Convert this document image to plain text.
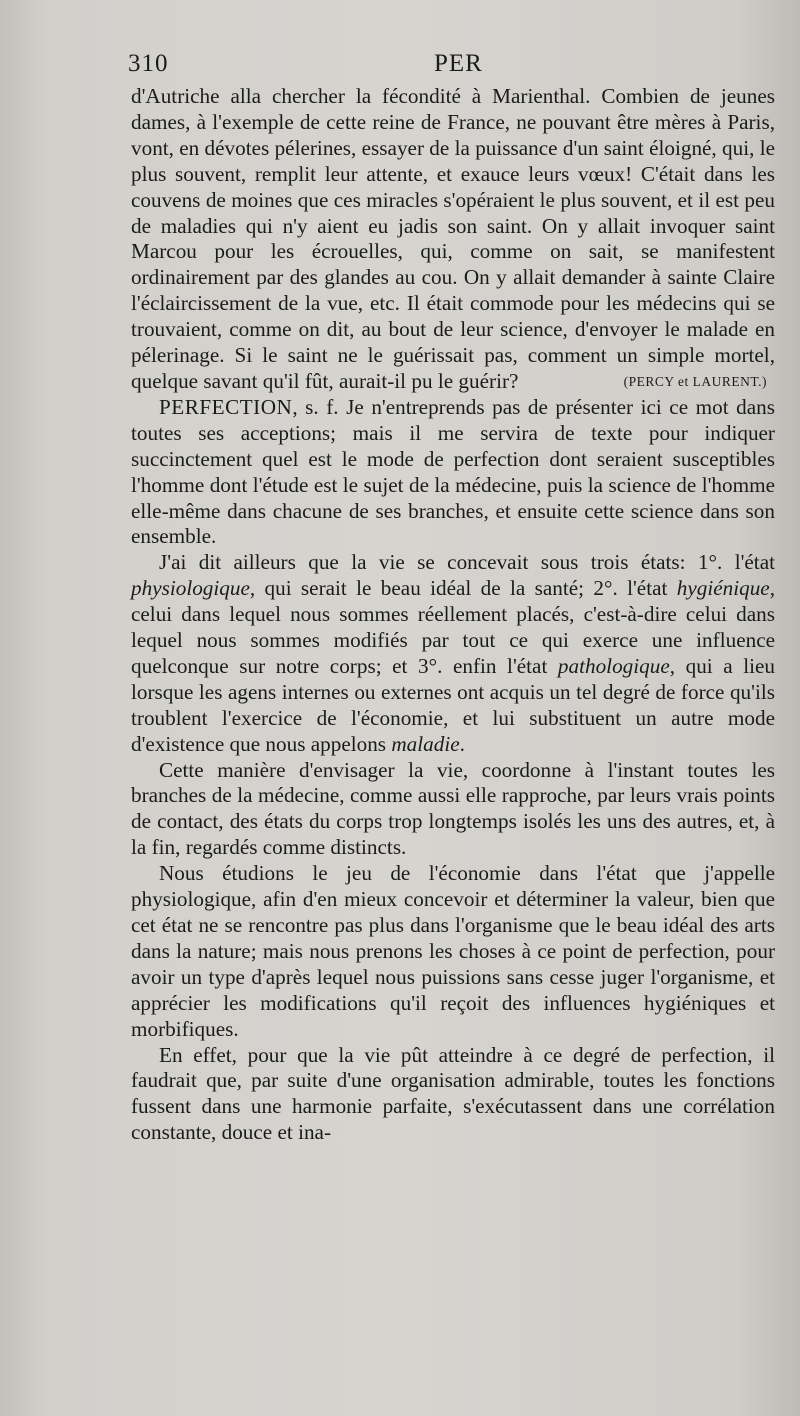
310	PER

d'Autriche alla chercher la fécondité à Marienthal. Combien de jeunes dames, à l'exemple de cette reine de France, ne pouvant être mères à Paris, vont, en dévotes pélerines, essayer de la puissance d'un saint éloigné, qui, le plus souvent, remplit leur attente, et exauce leurs vœux! C'était dans les couvens de moines que ces miracles s'opéraient le plus souvent, et il est peu de maladies qui n'y aient eu jadis son saint. On y allait invoquer saint Marcou pour les écrouelles, qui, comme on sait, se manifestent ordinairement par des glandes au cou. On y allait demander à sainte Claire l'éclaircissement de la vue, etc. Il était commode pour les médecins qui se trouvaient, comme on dit, au bout de leur science, d'envoyer le malade en pélerinage. Si le saint ne le guérissait pas, comment un simple mortel, quelque savant qu'il fût, aurait-il pu le guérir?	(PERCY et LAURENT.)

PERFECTION, s. f. Je n'entreprends pas de présenter ici ce mot dans toutes ses acceptions; mais il me servira de texte pour indiquer succinctement quel est le mode de perfection dont seraient susceptibles l'homme dont l'étude est le sujet de la médecine, puis la science de l'homme elle-même dans chacune de ses branches, et ensuite cette science dans son ensemble.

J'ai dit ailleurs que la vie se concevait sous trois états: 1°. l'état physiologique, qui serait le beau idéal de la santé; 2°. l'état hygiénique, celui dans lequel nous sommes réellement placés, c'est-à-dire celui dans lequel nous sommes modifiés par tout ce qui exerce une influence quelconque sur notre corps; et 3°. enfin l'état pathologique, qui a lieu lorsque les agens internes ou externes ont acquis un tel degré de force qu'ils troublent l'exercice de l'économie, et lui substituent un autre mode d'existence que nous appelons maladie.

Cette manière d'envisager la vie, coordonne à l'instant toutes les branches de la médecine, comme aussi elle rapproche, par leurs vrais points de contact, des états du corps trop longtemps isolés les uns des autres, et, à la fin, regardés comme distincts.

Nous étudions le jeu de l'économie dans l'état que j'appelle physiologique, afin d'en mieux concevoir et déterminer la valeur, bien que cet état ne se rencontre pas plus dans l'organisme que le beau idéal des arts dans la nature; mais nous prenons les choses à ce point de perfection, pour avoir un type d'après lequel nous puissions sans cesse juger l'organisme, et apprécier les modifications qu'il reçoit des influences hygiéniques et morbifiques.

En effet, pour que la vie pût atteindre à ce degré de perfection, il faudrait que, par suite d'une organisation admirable, toutes les fonctions fussent dans une harmonie parfaite, s'exécutassent dans une corrélation constante, douce et ina-
